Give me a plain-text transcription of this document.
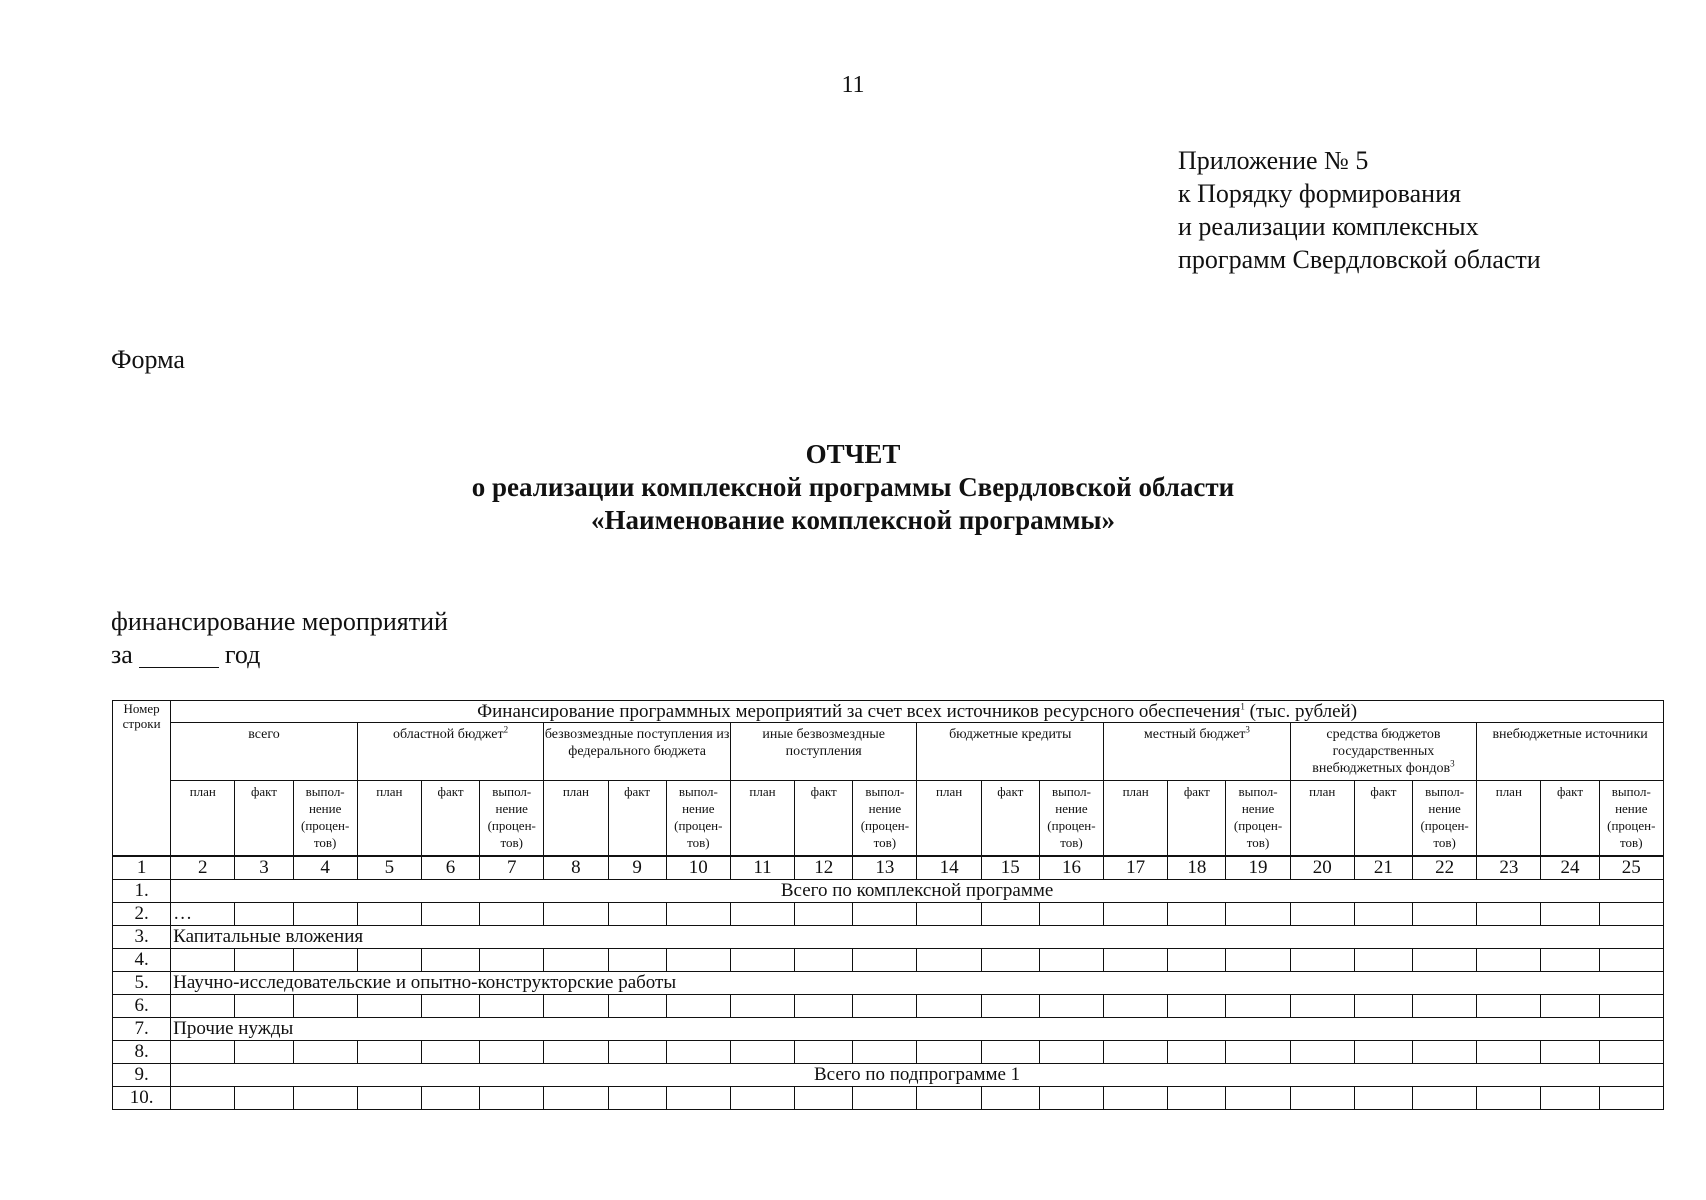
11
Приложение № 5
к Порядку формирования
и реализации комплексных
программ Свердловской области
Форма
ОТЧЕТ
о реализации комплексной программы Свердловской области
«Наименование комплексной программы»
финансирование мероприятий
за	год
Номер строки	Финансирование программных мероприятий за счет всех источников ресурсного обеспечения$^1$ (тыс. рублей)																							
	всего			областной бюджет$^2$			безвозмездные поступления из федерального бюджета			иные безвозмездные поступления			бюджетные кредиты			местный бюджет$^3$			средства бюджетов государственных внебюджетных фондов$^3$			внебюджетные источники		
	план	факт	выпол-нение (процен-тов)	план	факт	выпол-нение (процен-тов)	план	факт	выпол-нение (процен-тов)	план	факт	выпол-нение (процен-тов)	план	факт	выпол-нение (процен-тов)	план	факт	выпол-нение (процен-тов)	план	факт	выпол-нение (процен-тов)	план	факт	выпол-нение (процен-тов)
1	2	3	4	5	6	7	8	9	10	11	12	13	14	15	16	17	18	19	20	21	22	23	24	25
1.	Всего по комплексной программе																							
2.	…																							
3.	Капитальные вложения																							
4.																								
5.	Научно-исследовательские и опытно-конструкторские работы																							
6.																								
7.	Прочие нужды																							
8.																								
9.	Всего по подпрограмме 1																							
10.																								
